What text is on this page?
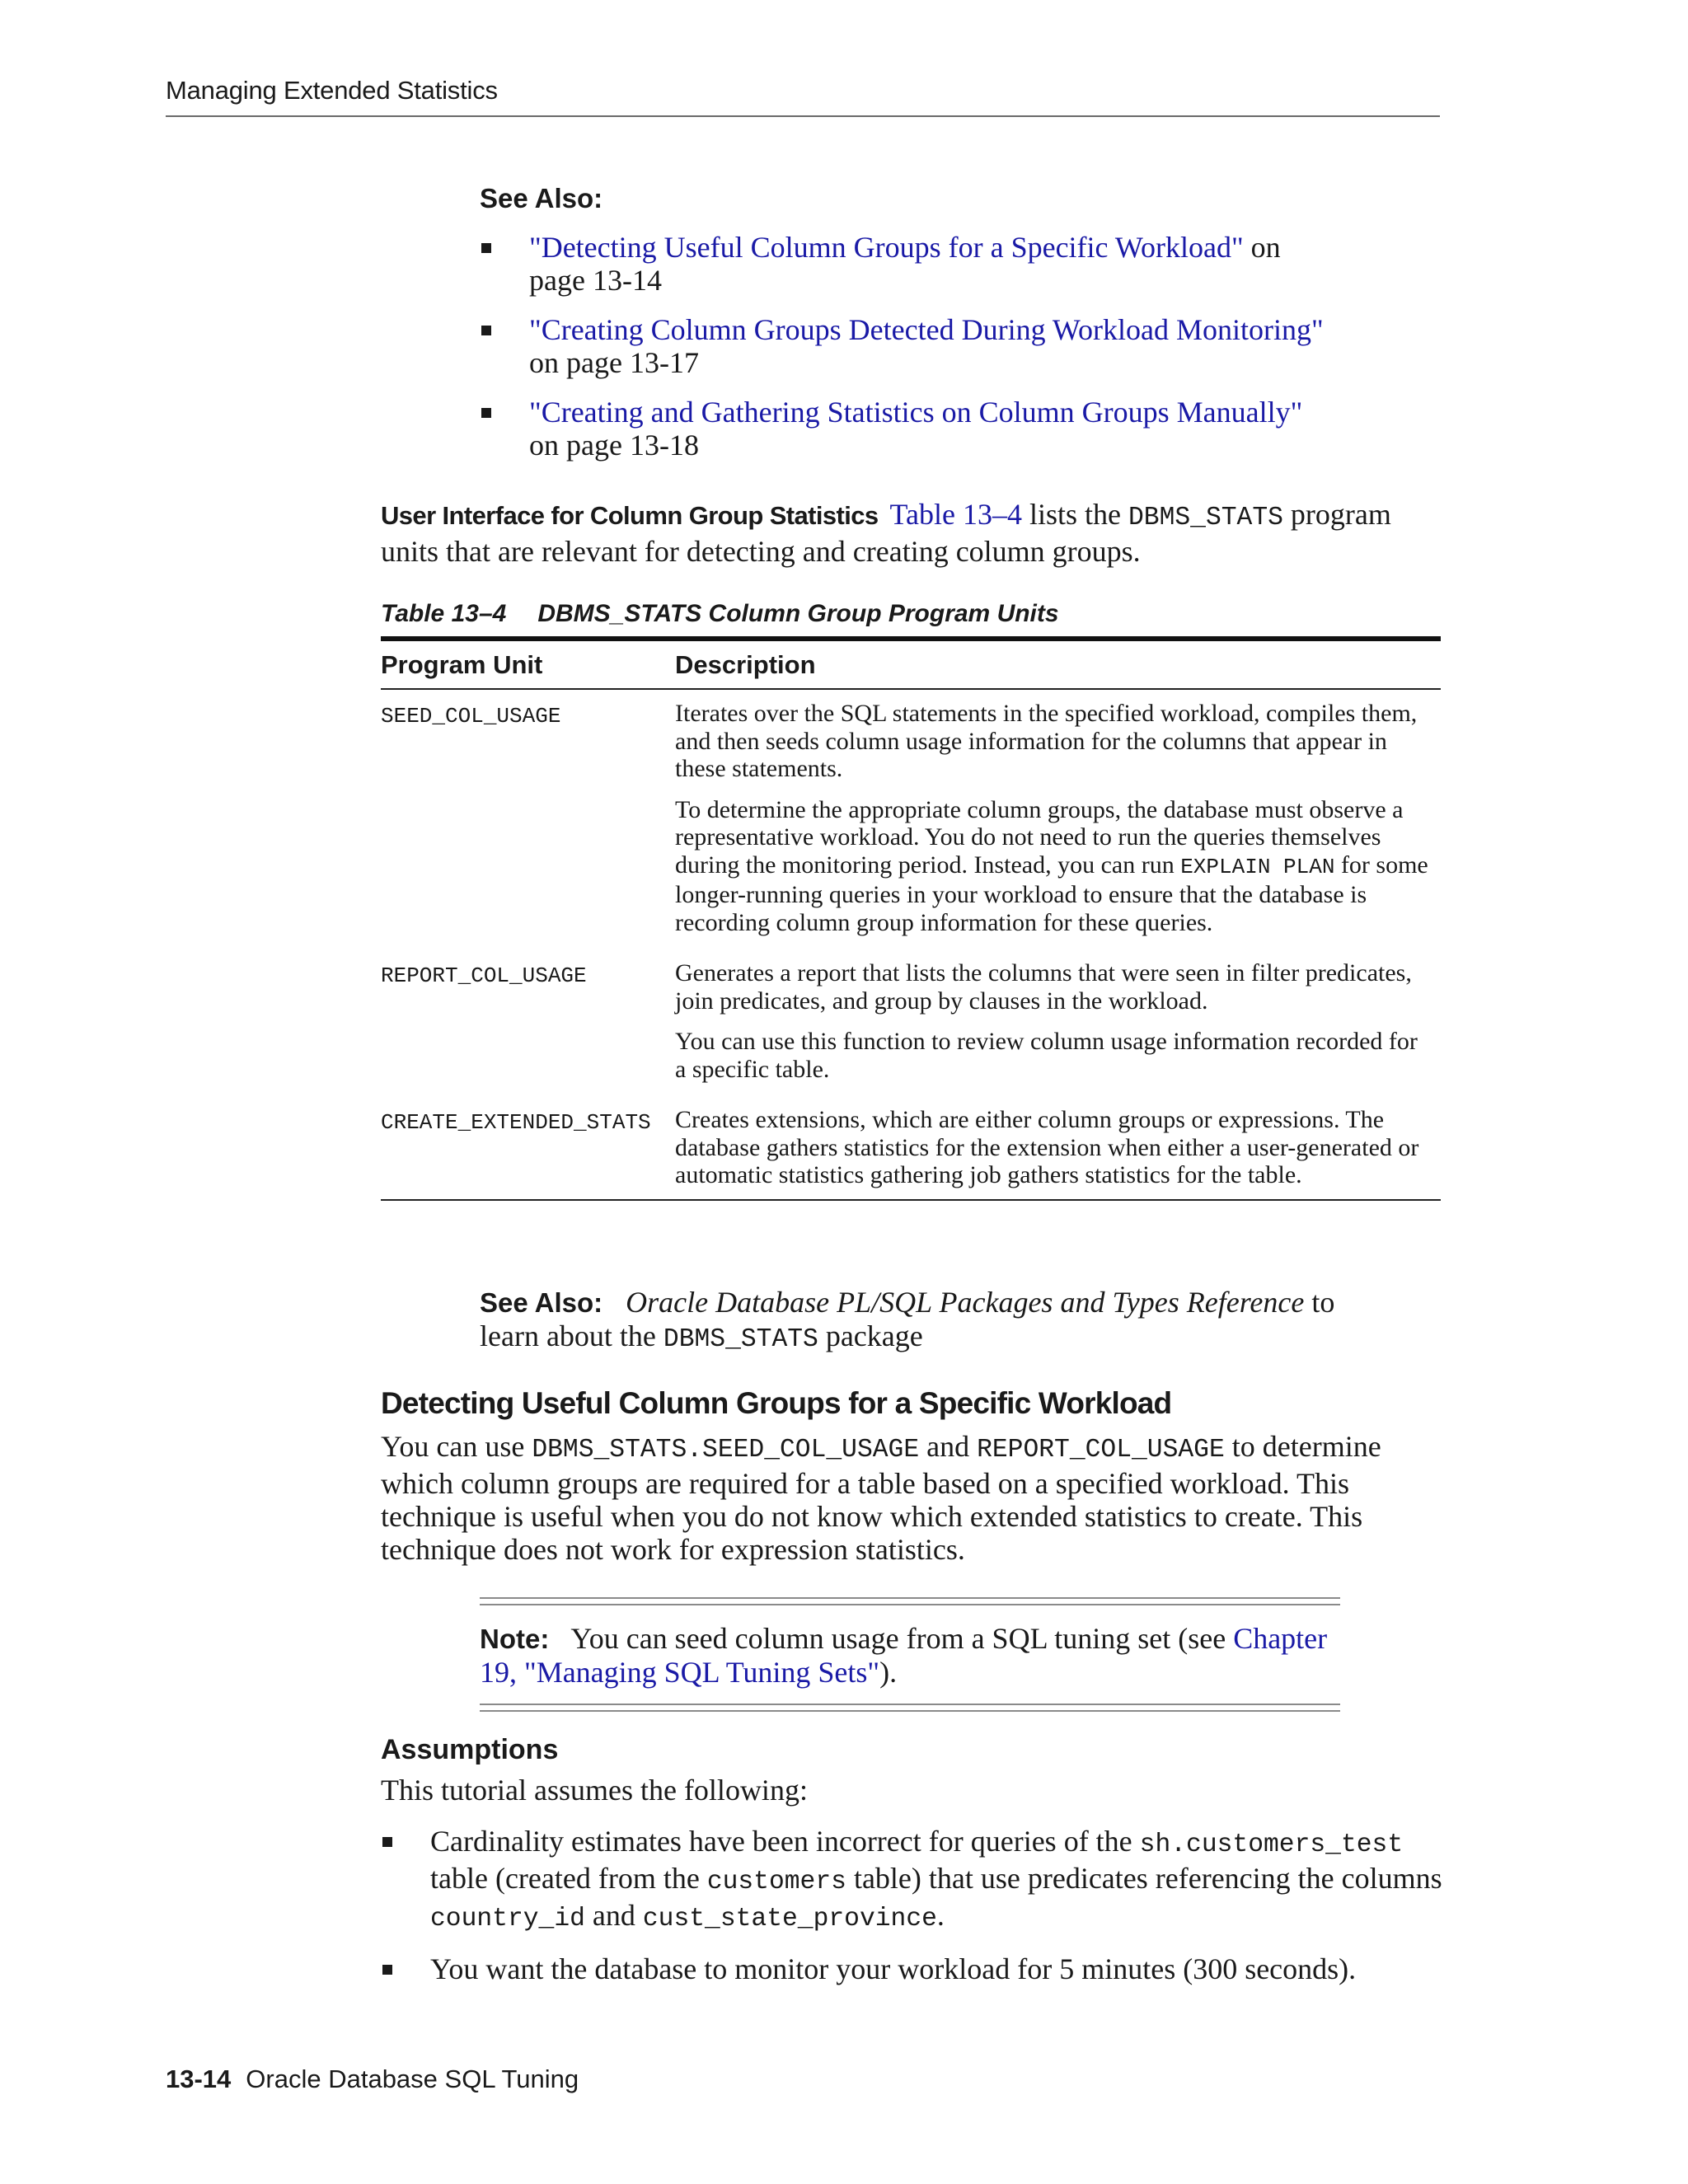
Managing Extended Statistics
See Also:
"Detecting Useful Column Groups for a Specific Workload" on page 13-14
"Creating Column Groups Detected During Workload Monitoring" on page 13-17
"Creating and Gathering Statistics on Column Groups Manually" on page 13-18
User Interface for Column Group Statistics Table 13–4 lists the DBMS_STATS program units that are relevant for detecting and creating column groups.
Table 13–4 DBMS_STATS Column Group Program Units
Program Unit	Description
SEED_COL_USAGE	Iterates over the SQL statements in the specified workload, compiles them, and then seeds column usage information for the columns that appear in these statements.

To determine the appropriate column groups, the database must observe a representative workload. You do not need to run the queries themselves during the monitoring period. Instead, you can run EXPLAIN PLAN for some longer-running queries in your workload to ensure that the database is recording column group information for these queries.

REPORT_COL_USAGE	Generates a report that lists the columns that were seen in filter predicates, join predicates, and group by clauses in the workload.

You can use this function to review column usage information recorded for a specific table.

CREATE_EXTENDED_STATS	Creates extensions, which are either column groups or expressions. The database gathers statistics for the extension when either a user-generated or automatic statistics gathering job gathers statistics for the table.

See Also: Oracle Database PL/SQL Packages and Types Reference to learn about the DBMS_STATS package
Detecting Useful Column Groups for a Specific Workload
You can use DBMS_STATS.SEED_COL_USAGE and REPORT_COL_USAGE to determine which column groups are required for a table based on a specified workload. This technique is useful when you do not know which extended statistics to create. This technique does not work for expression statistics.
Note: You can seed column usage from a SQL tuning set (see Chapter 19, "Managing SQL Tuning Sets").
Assumptions
This tutorial assumes the following:
Cardinality estimates have been incorrect for queries of the sh.customers_test table (created from the customers table) that use predicates referencing the columns country_id and cust_state_province.
You want the database to monitor your workload for 5 minutes (300 seconds).
13-14 Oracle Database SQL Tuning
